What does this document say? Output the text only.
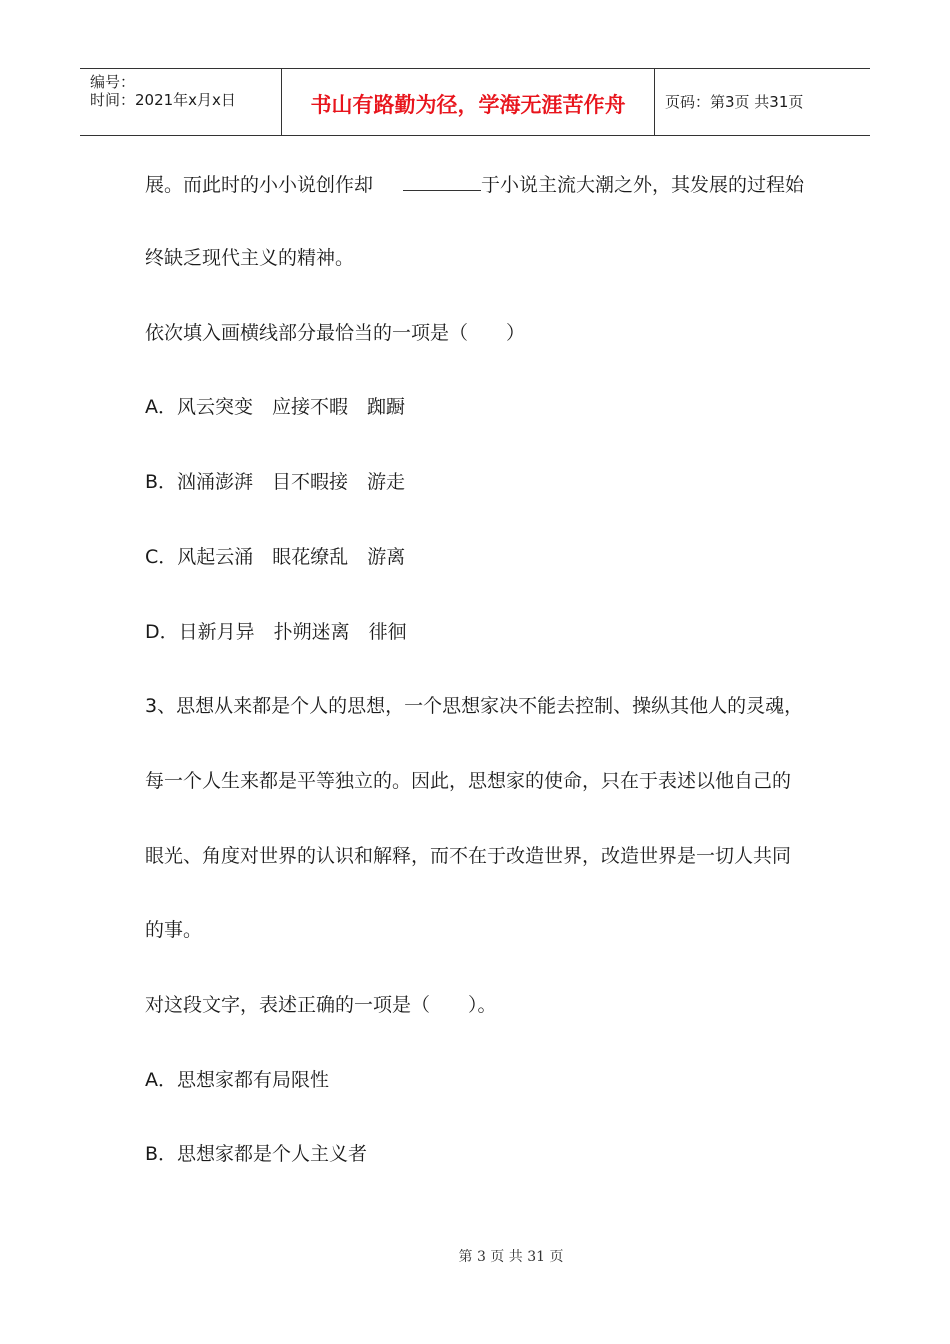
编号：
时间：2021年x月x日	书山有路勤为径，学海无涯苦作舟	页码：第3页 共31页
展。而此时的小小说创作却	于小说主流大潮之外，其发展的过程始
终缺乏现代主义的精神。
依次填入画横线部分最恰当的一项是（　　）
A．风云突变　应接不暇　踟蹰
B．汹涌澎湃　目不暇接　游走
C．风起云涌　眼花缭乱　游离
D．日新月异　扑朔迷离　徘徊
3、思想从来都是个人的思想，一个思想家决不能去控制、操纵其他人的灵魂，
每一个人生来都是平等独立的。因此，思想家的使命，只在于表述以他自己的
眼光、角度对世界的认识和解释，而不在于改造世界，改造世界是一切人共同
的事。
对这段文字，表述正确的一项是（　　）。
A．思想家都有局限性
B．思想家都是个人主义者
第 3 页 共 31 页
